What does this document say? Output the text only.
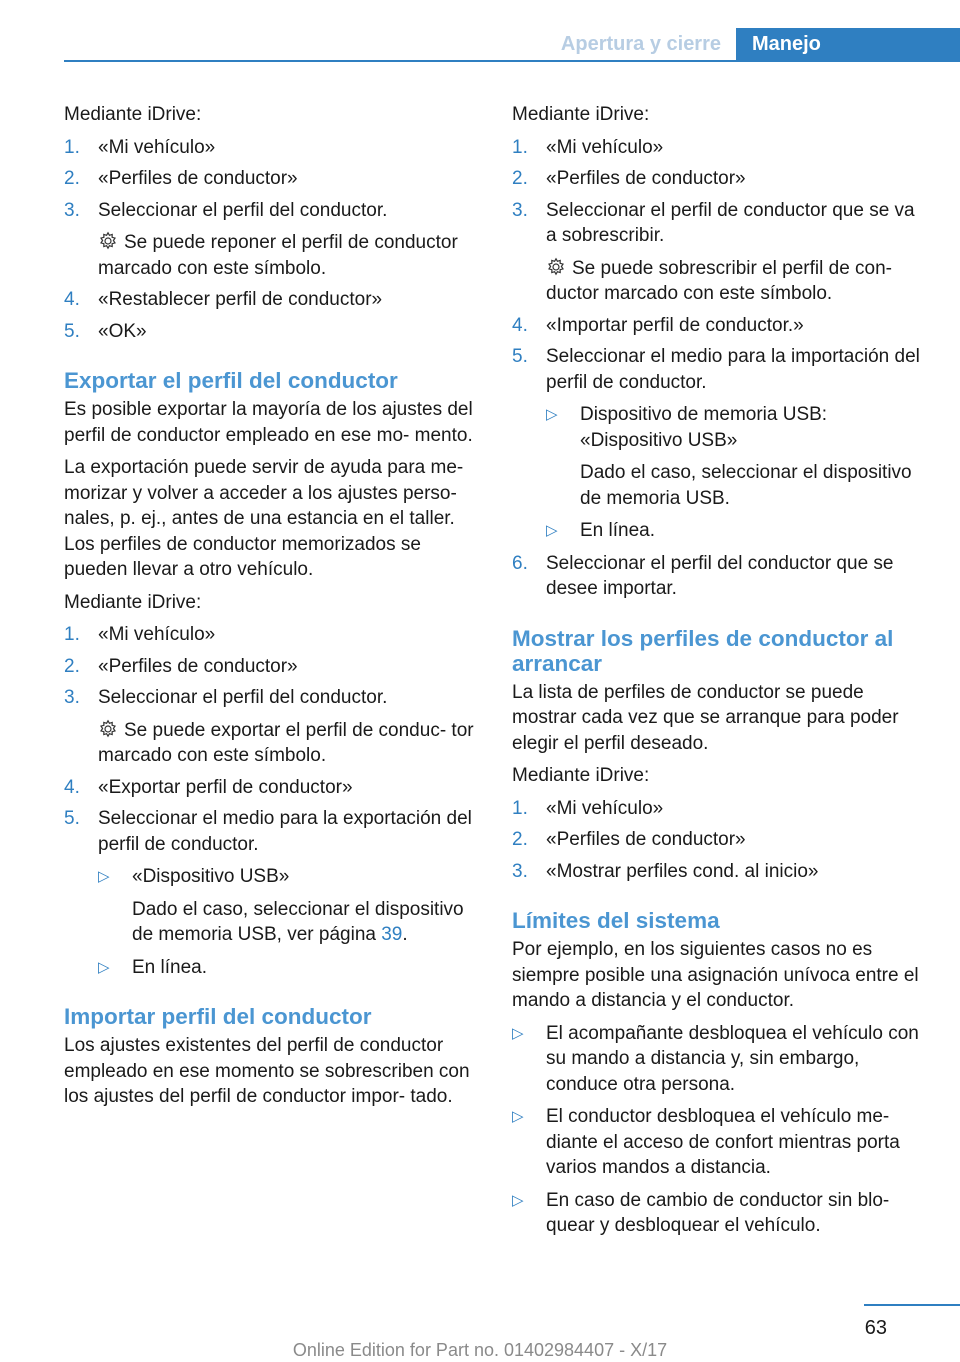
Apertura y cierre	Manejo

Mediante iDrive:

1. «Mi vehículo»
2. «Perfiles de conductor»
3. Seleccionar el perfil del conductor.
Se puede reponer el perfil de conductor marcado con este símbolo.
4. «Restablecer perfil de conductor»
5. «OK»
Exportar el perfil del conductor

Es posible exportar la mayoría de los ajustes del perfil de conductor empleado en ese mo‐ mento.

La exportación puede servir de ayuda para me‐ morizar y volver a acceder a los ajustes perso‐ nales, p. ej., antes de una estancia en el taller. Los perfiles de conductor memorizados se pueden llevar a otro vehículo.

Mediante iDrive:

1. «Mi vehículo»
2. «Perfiles de conductor»
3. Seleccionar el perfil del conductor.
Se puede exportar el perfil de conduc‐ tor marcado con este símbolo.
4. «Exportar perfil de conductor»
5. Seleccionar el medio para la exportación del perfil de conductor.
▷ «Dispositivo USB»
Dado el caso, seleccionar el dispositivo de memoria USB, ver página 39.
▷ En línea.
Importar perfil del conductor

Los ajustes existentes del perfil de conductor empleado en ese momento se sobrescriben con los ajustes del perfil de conductor impor‐ tado.

Mediante iDrive:

1. «Mi vehículo»
2. «Perfiles de conductor»
3. Seleccionar el perfil de conductor que se va a sobrescribir.
Se puede sobrescribir el perfil de con‐ ductor marcado con este símbolo.
4. «Importar perfil de conductor.»
5. Seleccionar el medio para la importación del perfil de conductor.
▷ Dispositivo de memoria USB: «Dispositivo USB»
Dado el caso, seleccionar el dispositivo de memoria USB.
▷ En línea.
6. Seleccionar el perfil del conductor que se desee importar.
Mostrar los perfiles de conductor al arrancar

La lista de perfiles de conductor se puede mostrar cada vez que se arranque para poder elegir el perfil deseado.

Mediante iDrive:

1. «Mi vehículo»
2. «Perfiles de conductor»
3. «Mostrar perfiles cond. al inicio»
Límites del sistema

Por ejemplo, en los siguientes casos no es siempre posible una asignación unívoca entre el mando a distancia y el conductor.

▷ El acompañante desbloquea el vehículo con su mando a distancia y, sin embargo, conduce otra persona.
▷ El conductor desbloquea el vehículo me‐ diante el acceso de confort mientras porta varios mandos a distancia.
▷ En caso de cambio de conductor sin blo‐ quear y desbloquear el vehículo.
63
Online Edition for Part no. 01402984407 - X/17
